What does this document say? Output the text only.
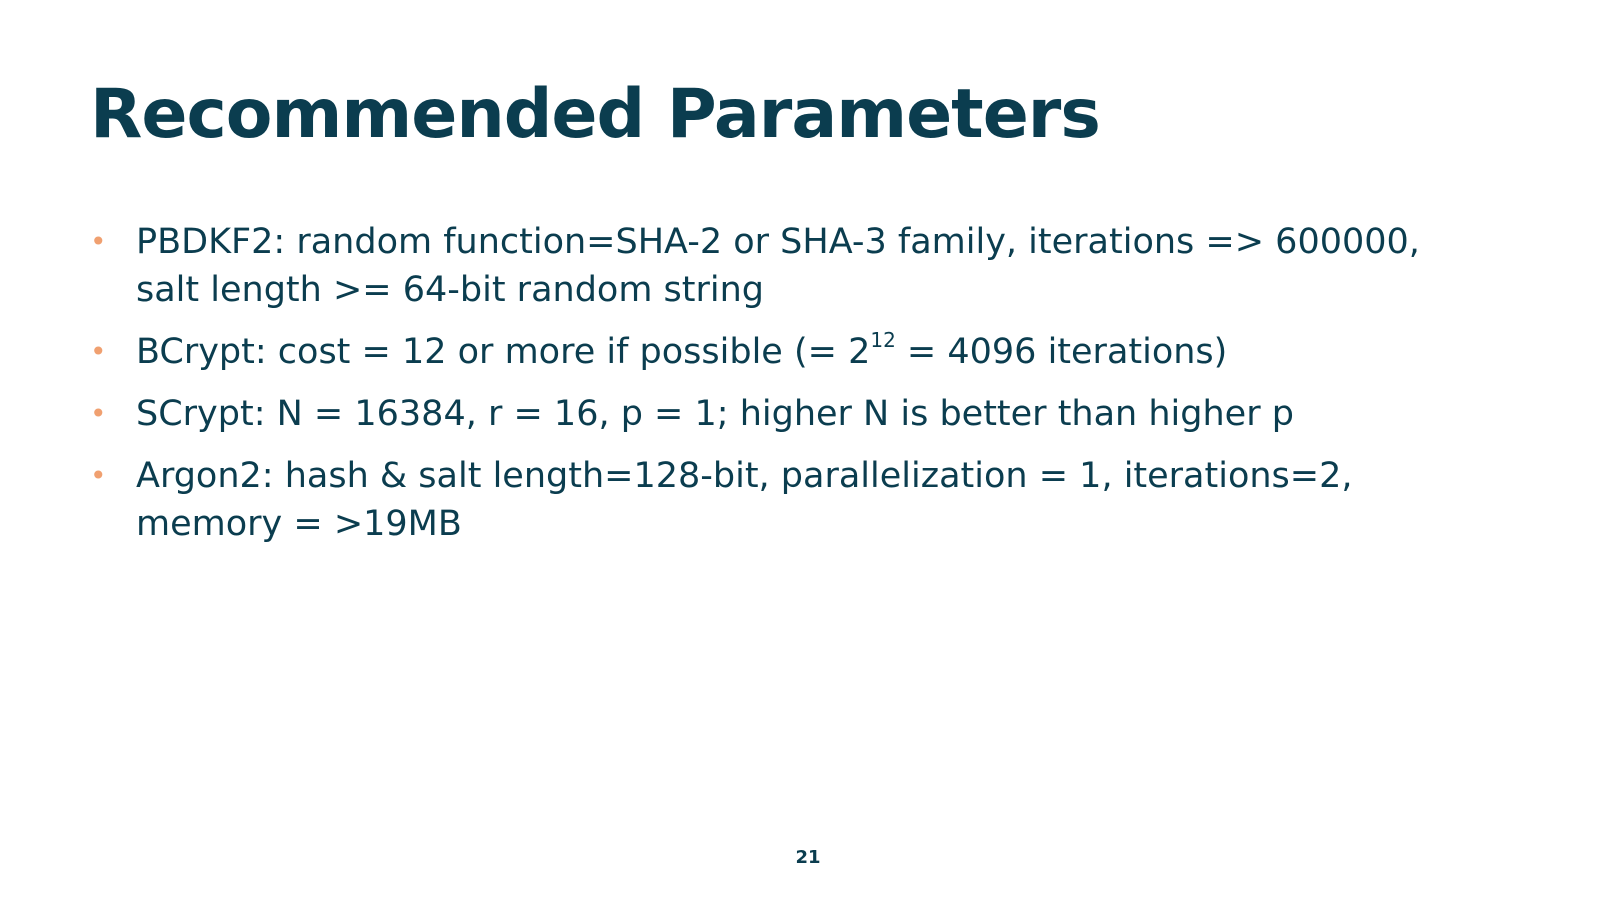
Recommended Parameters
• PBDKF2: random function=SHA-2 or SHA-3 family, iterations => 600000, salt length >= 64-bit random string
• BCrypt: cost = 12 or more if possible (= $2^{12} = 4096$ iterations)
• SCrypt: N = 16384, r = 16, p = 1; higher N is better than higher p
• Argon2: hash & salt length=128-bit, parallelization = 1, iterations=2, memory = >19MB
21
